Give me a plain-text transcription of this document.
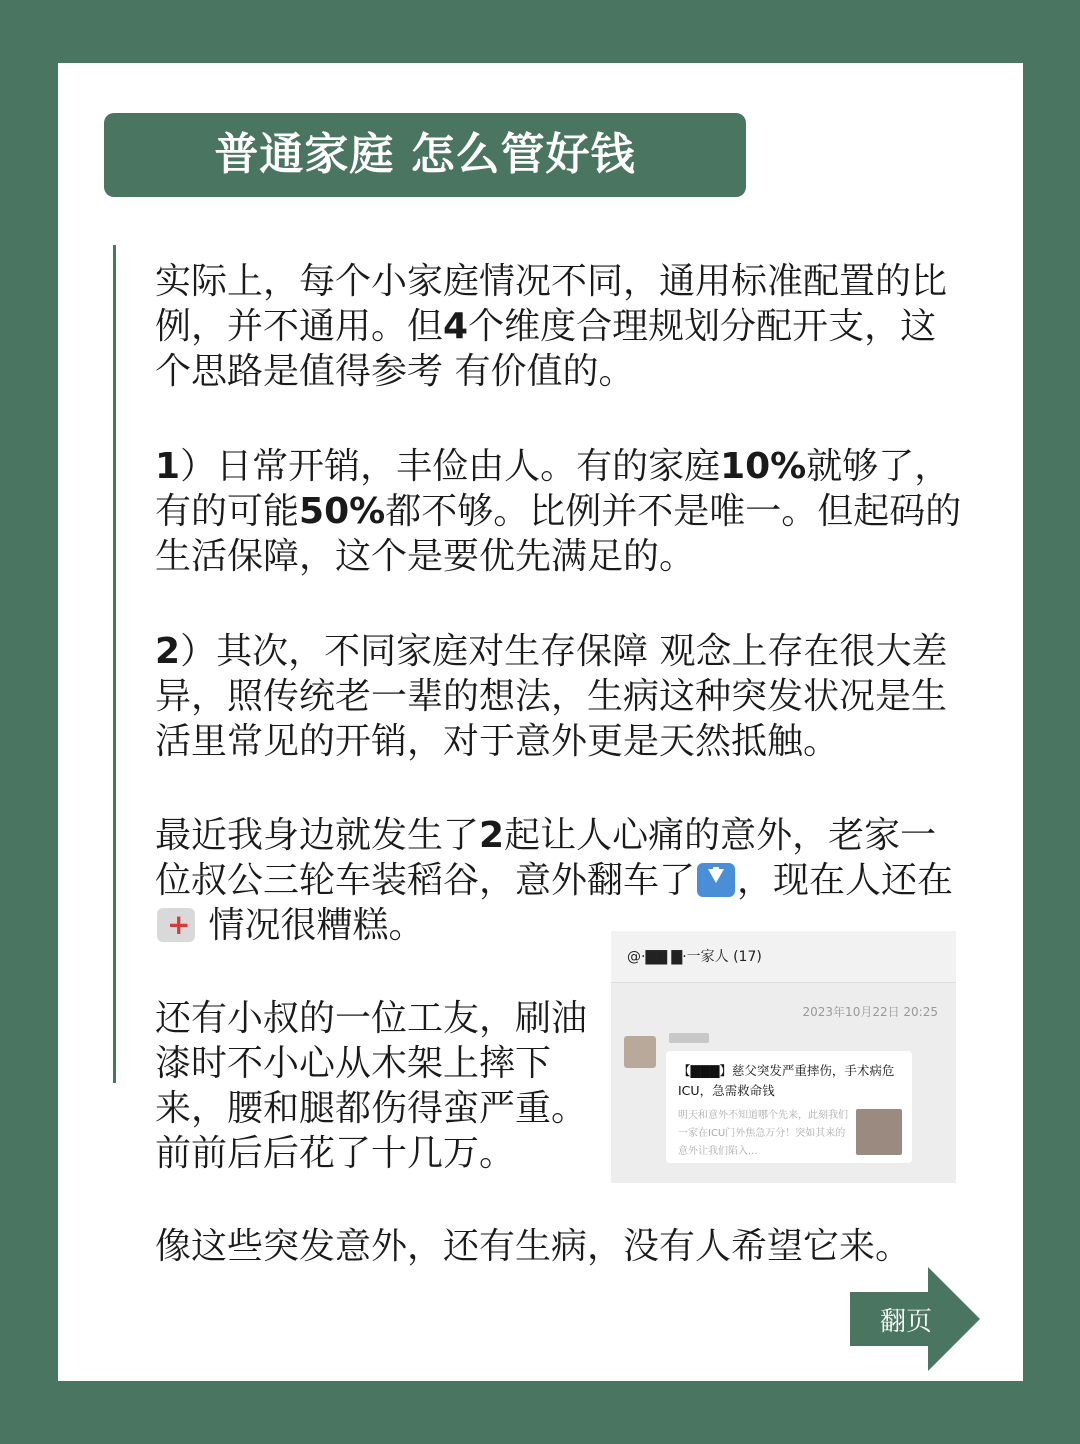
普通家庭 怎么管好钱

实际上，每个小家庭情况不同，通用标准配置的比例，并不通用。但4个维度合理规划分配开支，这个思路是值得参考 有价值的。

1）日常开销，丰俭由人。有的家庭10%就够了，有的可能50%都不够。比例并不是唯一。但起码的生活保障，这个是要优先满足的。

2）其次，不同家庭对生存保障 观念上存在很大差异，照传统老一辈的想法，生病这种突发状况是生活里常见的开销，对于意外更是天然抵触。

最近我身边就发生了2起让人心痛的意外，老家一位叔公三轮车装稻谷，意外翻车了 ，现在人还在+ 情况很糟糕。

还有小叔的一位工友，刷油漆时不小心从木架上摔下来，腰和腿都伤得蛮严重。前前后后花了十几万。

@·▇▇ ▇·一家人 (17)
2023年10月22日 20:25
【▇▇▇】慈父突发严重摔伤，手术病危ICU，急需救命钱
明天和意外不知道哪个先来，此刻我们一家在ICU门外焦急万分！突如其来的意外让我们陷入...

像这些突发意外，还有生病，没有人希望它来。

翻页
